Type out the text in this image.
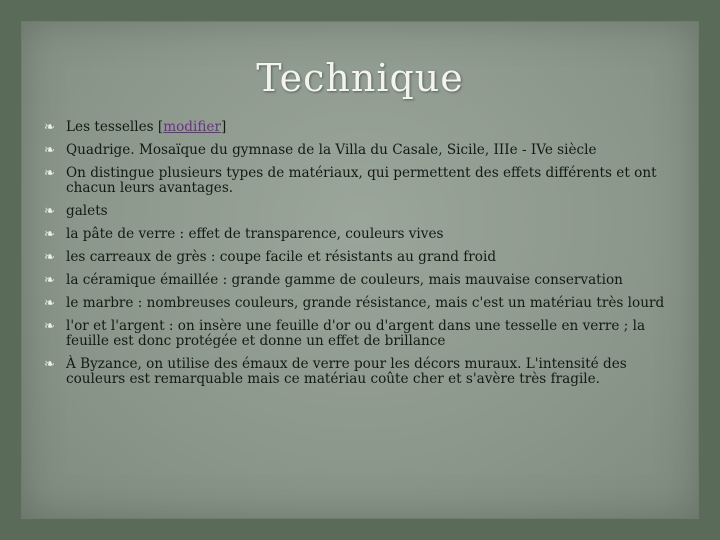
Technique
❧ Les tesselles [modifier]
❧ Quadrige. Mosaïque du gymnase de la Villa du Casale, Sicile, IIIe - IVe siècle
❧ On distingue plusieurs types de matériaux, qui permettent des effets différents et ont chacun leurs avantages.
❧ galets
❧ la pâte de verre : effet de transparence, couleurs vives
❧ les carreaux de grès : coupe facile et résistants au grand froid
❧ la céramique émaillée : grande gamme de couleurs, mais mauvaise conservation
❧ le marbre : nombreuses couleurs, grande résistance, mais c'est un matériau très lourd
❧ l'or et l'argent : on insère une feuille d'or ou d'argent dans une tesselle en verre ; la feuille est donc protégée et donne un effet de brillance
❧ À Byzance, on utilise des émaux de verre pour les décors muraux. L'intensité des couleurs est remarquable mais ce matériau coûte cher et s'avère très fragile.
